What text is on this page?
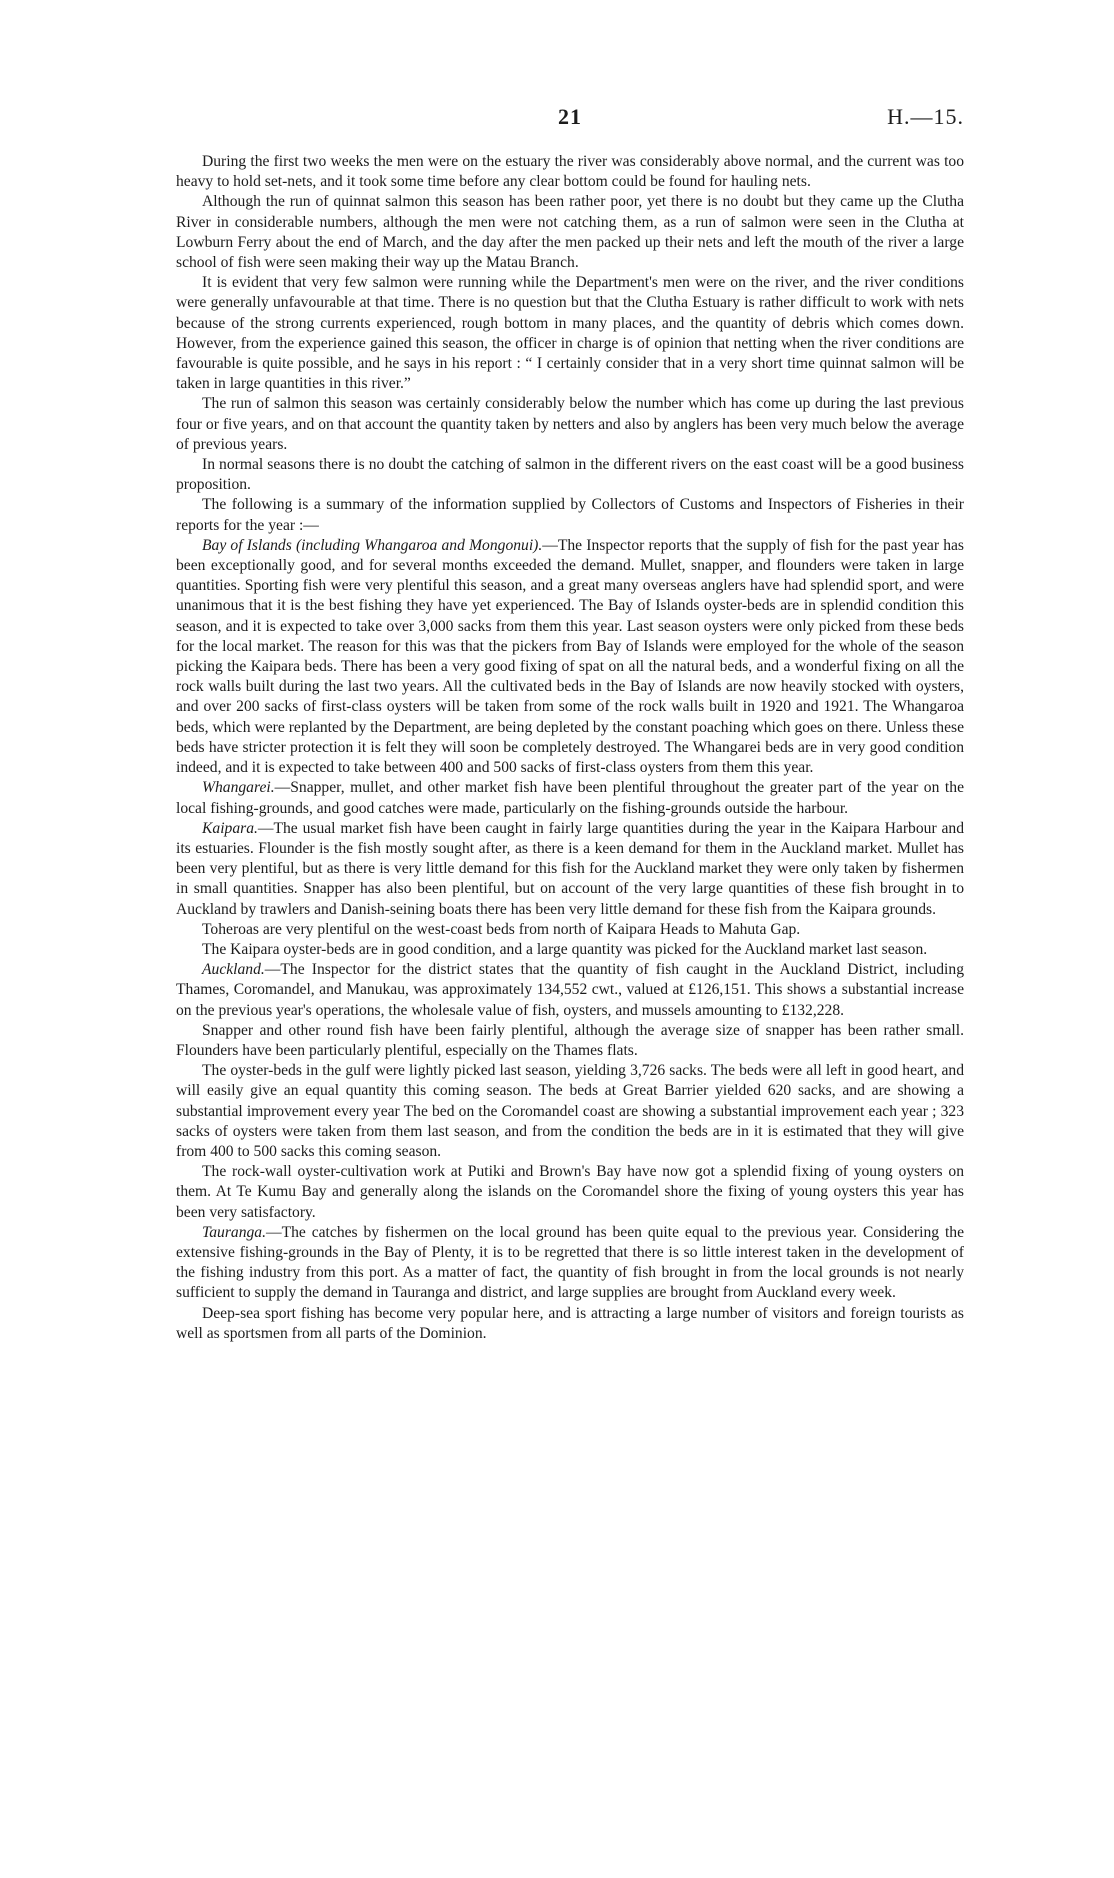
21	H.—15.

During the first two weeks the men were on the estuary the river was considerably above normal, and the current was too heavy to hold set-nets, and it took some time before any clear bottom could be found for hauling nets.

Although the run of quinnat salmon this season has been rather poor, yet there is no doubt but they came up the Clutha River in considerable numbers, although the men were not catching them, as a run of salmon were seen in the Clutha at Lowburn Ferry about the end of March, and the day after the men packed up their nets and left the mouth of the river a large school of fish were seen making their way up the Matau Branch.

It is evident that very few salmon were running while the Department's men were on the river, and the river conditions were generally unfavourable at that time. There is no question but that the Clutha Estuary is rather difficult to work with nets because of the strong currents experienced, rough bottom in many places, and the quantity of debris which comes down. However, from the experience gained this season, the officer in charge is of opinion that netting when the river conditions are favourable is quite possible, and he says in his report : “ I certainly consider that in a very short time quinnat salmon will be taken in large quantities in this river.”

The run of salmon this season was certainly considerably below the number which has come up during the last previous four or five years, and on that account the quantity taken by netters and also by anglers has been very much below the average of previous years.

In normal seasons there is no doubt the catching of salmon in the different rivers on the east coast will be a good business proposition.

The following is a summary of the information supplied by Collectors of Customs and Inspectors of Fisheries in their reports for the year :—

Bay of Islands (including Whangaroa and Mongonui).—The Inspector reports that the supply of fish for the past year has been exceptionally good, and for several months exceeded the demand. Mullet, snapper, and flounders were taken in large quantities. Sporting fish were very plentiful this season, and a great many overseas anglers have had splendid sport, and were unanimous that it is the best fishing they have yet experienced. The Bay of Islands oyster-beds are in splendid condition this season, and it is expected to take over 3,000 sacks from them this year. Last season oysters were only picked from these beds for the local market. The reason for this was that the pickers from Bay of Islands were employed for the whole of the season picking the Kaipara beds. There has been a very good fixing of spat on all the natural beds, and a wonderful fixing on all the rock walls built during the last two years. All the cultivated beds in the Bay of Islands are now heavily stocked with oysters, and over 200 sacks of first-class oysters will be taken from some of the rock walls built in 1920 and 1921. The Whangaroa beds, which were replanted by the Department, are being depleted by the constant poaching which goes on there. Unless these beds have stricter protection it is felt they will soon be completely destroyed. The Whangarei beds are in very good condition indeed, and it is expected to take between 400 and 500 sacks of first-class oysters from them this year.

Whangarei.—Snapper, mullet, and other market fish have been plentiful throughout the greater part of the year on the local fishing-grounds, and good catches were made, particularly on the fishing-grounds outside the harbour.

Kaipara.—The usual market fish have been caught in fairly large quantities during the year in the Kaipara Harbour and its estuaries. Flounder is the fish mostly sought after, as there is a keen demand for them in the Auckland market. Mullet has been very plentiful, but as there is very little demand for this fish for the Auckland market they were only taken by fishermen in small quantities. Snapper has also been plentiful, but on account of the very large quantities of these fish brought in to Auckland by trawlers and Danish-seining boats there has been very little demand for these fish from the Kaipara grounds.

Toheroas are very plentiful on the west-coast beds from north of Kaipara Heads to Mahuta Gap.

The Kaipara oyster-beds are in good condition, and a large quantity was picked for the Auckland market last season.

Auckland.—The Inspector for the district states that the quantity of fish caught in the Auckland District, including Thames, Coromandel, and Manukau, was approximately 134,552 cwt., valued at £126,151. This shows a substantial increase on the previous year's operations, the wholesale value of fish, oysters, and mussels amounting to £132,228.

Snapper and other round fish have been fairly plentiful, although the average size of snapper has been rather small. Flounders have been particularly plentiful, especially on the Thames flats.

The oyster-beds in the gulf were lightly picked last season, yielding 3,726 sacks. The beds were all left in good heart, and will easily give an equal quantity this coming season. The beds at Great Barrier yielded 620 sacks, and are showing a substantial improvement every year The bed on the Coromandel coast are showing a substantial improvement each year ; 323 sacks of oysters were taken from them last season, and from the condition the beds are in it is estimated that they will give from 400 to 500 sacks this coming season.

The rock-wall oyster-cultivation work at Putiki and Brown's Bay have now got a splendid fixing of young oysters on them. At Te Kumu Bay and generally along the islands on the Coromandel shore the fixing of young oysters this year has been very satisfactory.

Tauranga.—The catches by fishermen on the local ground has been quite equal to the previous year. Considering the extensive fishing-grounds in the Bay of Plenty, it is to be regretted that there is so little interest taken in the development of the fishing industry from this port. As a matter of fact, the quantity of fish brought in from the local grounds is not nearly sufficient to supply the demand in Tauranga and district, and large supplies are brought from Auckland every week.

Deep-sea sport fishing has become very popular here, and is attracting a large number of visitors and foreign tourists as well as sportsmen from all parts of the Dominion.
